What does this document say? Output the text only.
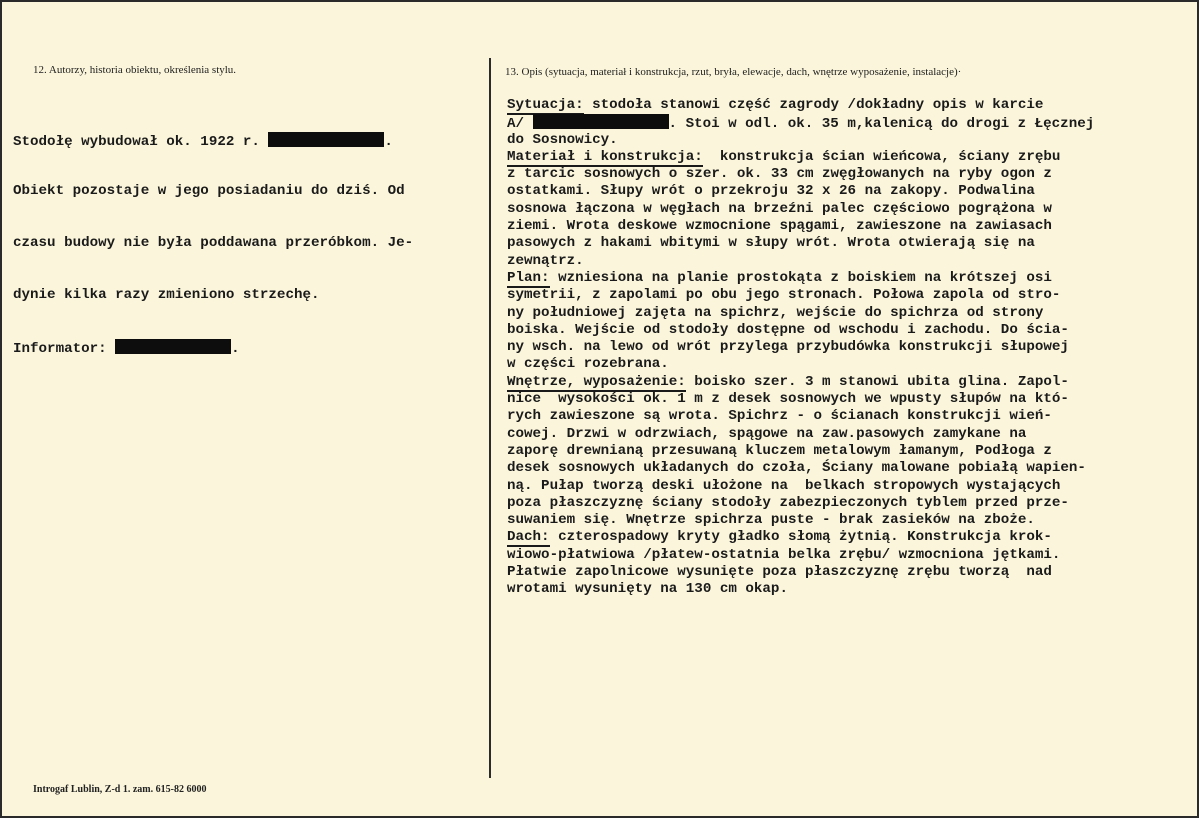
12. Autorzy, historia obiektu, określenia stylu.	13. Opis (sytuacja, materiał i konstrukcja, rzut, bryła, elewacje, dach, wnętrze wyposażenie, instalacje)·

Stodołę wybudował ok. 1922 r.	.

Obiekt pozostaje w jego posiadaniu do dziś. Od

czasu budowy nie była poddawana przeróbkom. Je-

dynie kilka razy zmieniono strzechę.

Informator:	.

Sytuacja: stodoła stanowi część zagrody /dokładny opis w karcie
A/	. Stoi w odl. ok. 35 m,kalenicą do drogi z Łęcznej
do Sosnowicy.
Materiał i konstrukcja:  konstrukcja ścian wieńcowa, ściany zrębu
z tarcic sosnowych o szer. ok. 33 cm zwęgłowanych na ryby ogon z
ostatkami. Słupy wrót o przekroju 32 x 26 na zakopy. Podwalina
sosnowa łączona w węgłach na brzeźni palec częściowo pogrążona w
ziemi. Wrota deskowe wzmocnione spągami, zawieszone na zawiasach
pasowych z hakami wbitymi w słupy wrót. Wrota otwierają się na
zewnątrz.
Plan: wzniesiona na planie prostokąta z boiskiem na krótszej osi
symetrii, z zapolami po obu jego stronach. Połowa zapola od stro-
ny południowej zajęta na spichrz, wejście do spichrza od strony
boiska. Wejście od stodoły dostępne od wschodu i zachodu. Do ścia-
ny wsch. na lewo od wrót przylega przybudówka konstrukcji słupowej
w części rozebrana.
Wnętrze, wyposażenie: boisko szer. 3 m stanowi ubita glina. Zapol-
nice  wysokości ok. 1 m z desek sosnowych we wpusty słupów na któ-
rych zawieszone są wrota. Spichrz - o ścianach konstrukcji wień-
cowej. Drzwi w odrzwiach, spągowe na zaw.pasowych zamykane na
zaporę drewnianą przesuwaną kluczem metalowym łamanym, Podłoga z
desek sosnowych układanych do czoła, Ściany malowane pobiałą wapien-
ną. Pułap tworzą deski ułożone na  belkach stropowych wystających
poza płaszczyznę ściany stodoły zabezpieczonych tyblem przed prze-
suwaniem się. Wnętrze spichrza puste - brak zasieków na zboże.
Dach: czterospadowy kryty gładko słomą żytnią. Konstrukcja krok-
wiowo-płatwiowa /płatew-ostatnia belka zrębu/ wzmocniona jętkami.
Płatwie zapolnicowe wysunięte poza płaszczyznę zrębu tworzą  nad
wrotami wysunięty na 130 cm okap.
Introgaf Lublin, Z-d 1. zam. 615-82 6000
